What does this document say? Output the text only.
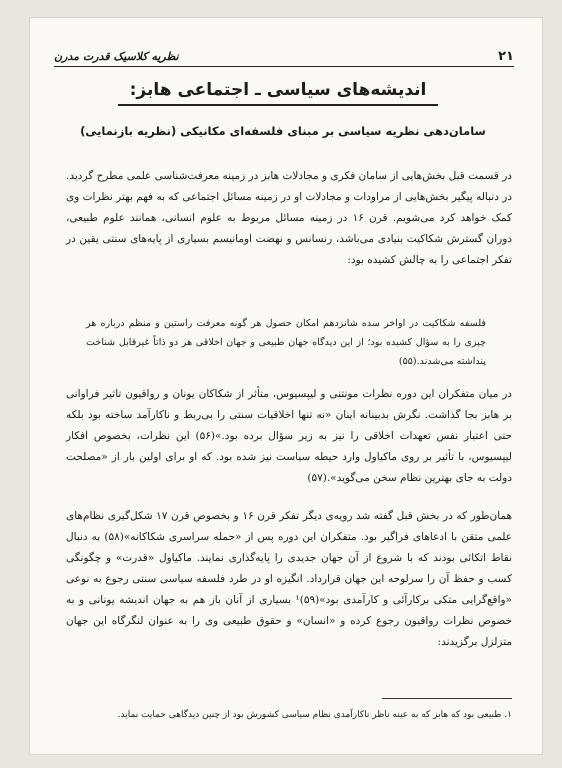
۲۱
نظریه کلاسیک قدرت مدرن
اندیشه‌های سیاسی ـ اجتماعی هابز:
سامان‌دهی نظریه سیاسی بر مبنای فلسفه‌ای مکانیکی (نظریه بازنمایی)

در قسمت قبل بخش‌هایی از سامان فکری و مجادلات هابز در زمینه معرفت‌شناسی علمی مطرح گردید. در دنباله پیگیر بخش‌هایی از مراودات و مجادلات او در زمینه مسائل اجتماعی که به فهم بهتر نظرات وی کمک خواهد کرد می‌شویم. قرن ۱۶ در زمینه مسائل مربوط به علوم انسانی، همانند علوم طبیعی، دوران گسترش شکاکیت بنیادی می‌باشد، رنسانس و نهضت اومانیسم بسیاری از پایه‌های سنتی یقین در تفکر اجتماعی را به چالش کشیده بود:

فلسفه شکاکیت در اواخر سده شانزدهم امکان حصول هر گونه معرفت راستین و منظم درباره هر چیزی را به سؤال کشیده بود؛ از این دیدگاه جهان طبیعی و جهان اخلاقی هر دو ذاتاً غیرقابل شناخت پنداشته می‌شدند.(۵۵)

در میان متفکران این دوره نظرات مونتنی و لیپسیوس، متأثر از شکاکان یونان و رواقیون تاثیر فراوانی بر هابز بجا گذاشت. نگرش بدبینانه اینان «نه تنها اخلاقیات سنتی را بی‌ربط و ناکارآمد ساخته بود بلکه حتی اعتبار نفس تعهدات اخلاقی را نیز به زیر سؤال برده بود.»(۵۶) این نظرات، بخصوص افکار لیپسیوس، با تأثیر بر روی ماکیاول وارد حیطه سیاست نیز شده بود. که او برای اولین بار از «مصلحت دولت به جای بهترین نظام سخن می‌گوید».(۵۷)

همان‌طور که در بخش قبل گفته شد رویه‌ی دیگر تفکر قرن ۱۶ و بخصوص قرن ۱۷ شکل‌گیری نظام‌های علمی متقن با ادعاهای فراگیر بود. متفکران این دوره پس از «حمله سراسری شکاکانه»(۵۸) به دنبال نقاط اتکائی بودند که با شروع از آن جهان جدیدی را پایه‌گذاری نمایند. ماکیاول «قدرت» و چگونگی کسب و حفظ آن را سرلوحه این جهان قرارداد. انگیزه او در طرد فلسفه سیاسی سنتی رجوع به نوعی «واقع‌گرایی متکی برکارآئی و کارآمدی بود»(۵۹)¹ بسیاری از آنان باز هم به جهان اندیشه یونانی و به خصوص نظرات رواقیون رجوع کرده و «انسان» و حقوق طبیعی وی را به عنوان لنگرگاه این جهان متزلزل برگزیدند:

۱. طبیعی بود که هابز که به عینه ناظر ناکارآمدی نظام سیاسی کشورش بود از چنین دیدگاهی حمایت نماید.
